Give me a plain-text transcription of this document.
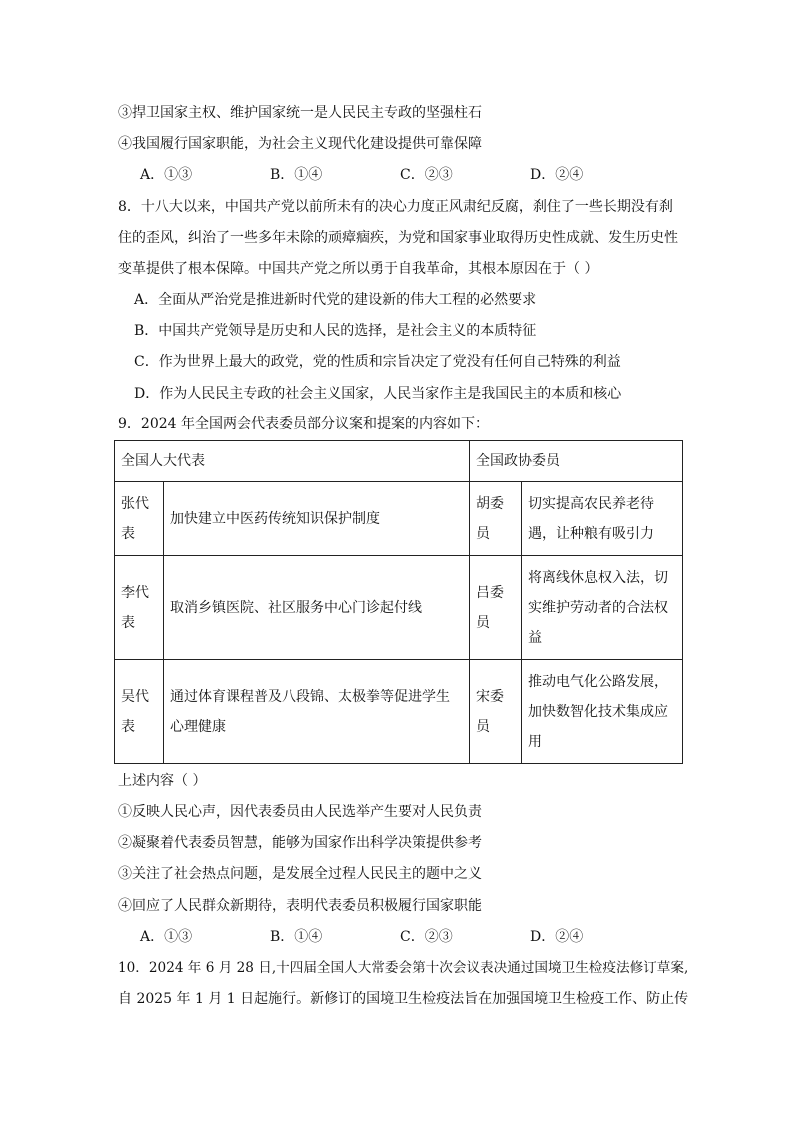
③捍卫国家主权、维护国家统一是人民民主专政的坚强柱石
④我国履行国家职能，为社会主义现代化建设提供可靠保障
A．①③	B．①④	C．②③	D．②④
8．十八大以来，中国共产党以前所未有的决心力度正风肃纪反腐，刹住了一些长期没有刹
住的歪风，纠治了一些多年未除的顽瘴痼疾，为党和国家事业取得历史性成就、发生历史性
变革提供了根本保障。中国共产党之所以勇于自我革命，其根本原因在于（ ）
A．全面从严治党是推进新时代党的建设新的伟大工程的必然要求
B．中国共产党领导是历史和人民的选择，是社会主义的本质特征
C．作为世界上最大的政党，党的性质和宗旨决定了党没有任何自己特殊的利益
D．作为人民民主专政的社会主义国家，人民当家作主是我国民主的本质和核心
9．2024 年全国两会代表委员部分议案和提案的内容如下：
全国人大代表		全国政协委员	
张代表	加快建立中医药传统知识保护制度	胡委员	切实提高农民养老待遇，让种粮有吸引力
李代表	取消乡镇医院、社区服务中心门诊起付线	吕委员	将离线休息权入法，切实维护劳动者的合法权益
吴代表	通过体育课程普及八段锦、太极拳等促进学生心理健康	宋委员	推动电气化公路发展，加快数智化技术集成应用
上述内容（ ）
①反映人民心声，因代表委员由人民选举产生要对人民负责
②凝聚着代表委员智慧，能够为国家作出科学决策提供参考
③关注了社会热点问题，是发展全过程人民民主的题中之义
④回应了人民群众新期待，表明代表委员积极履行国家职能
A．①③	B．①④	C．②③	D．②④
10．2024 年 6 月 28 日,十四届全国人大常委会第十次会议表决通过国境卫生检疫法修订草案,
自 2025 年 1 月 1 日起施行。新修订的国境卫生检疫法旨在加强国境卫生检疫工作、防止传
